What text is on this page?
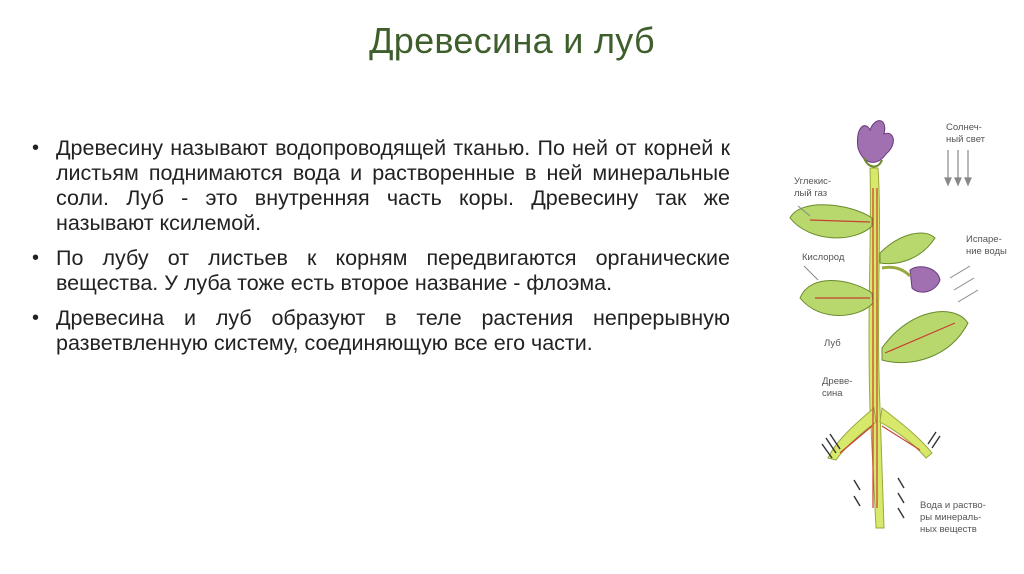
Древесина и луб
• Древесину называют водопроводящей тканью. По ней от корней к листьям поднимаются вода и растворенные в ней минеральные соли. Луб - это внутренняя часть коры. Древесину так же называют ксилемой.
• По лубу от листьев к корням передвигаются органические вещества. У луба тоже есть второе название - флоэма.
• Древесина и луб образуют в теле растения непрерывную разветвленную систему, соединяющую все его части.
Солнеч-
ный свет
Углекис-
лый газ
Испаре-
ние воды
Кислород
Луб
Древе-
сина
Вода и раство-
ры минераль-
ных веществ
